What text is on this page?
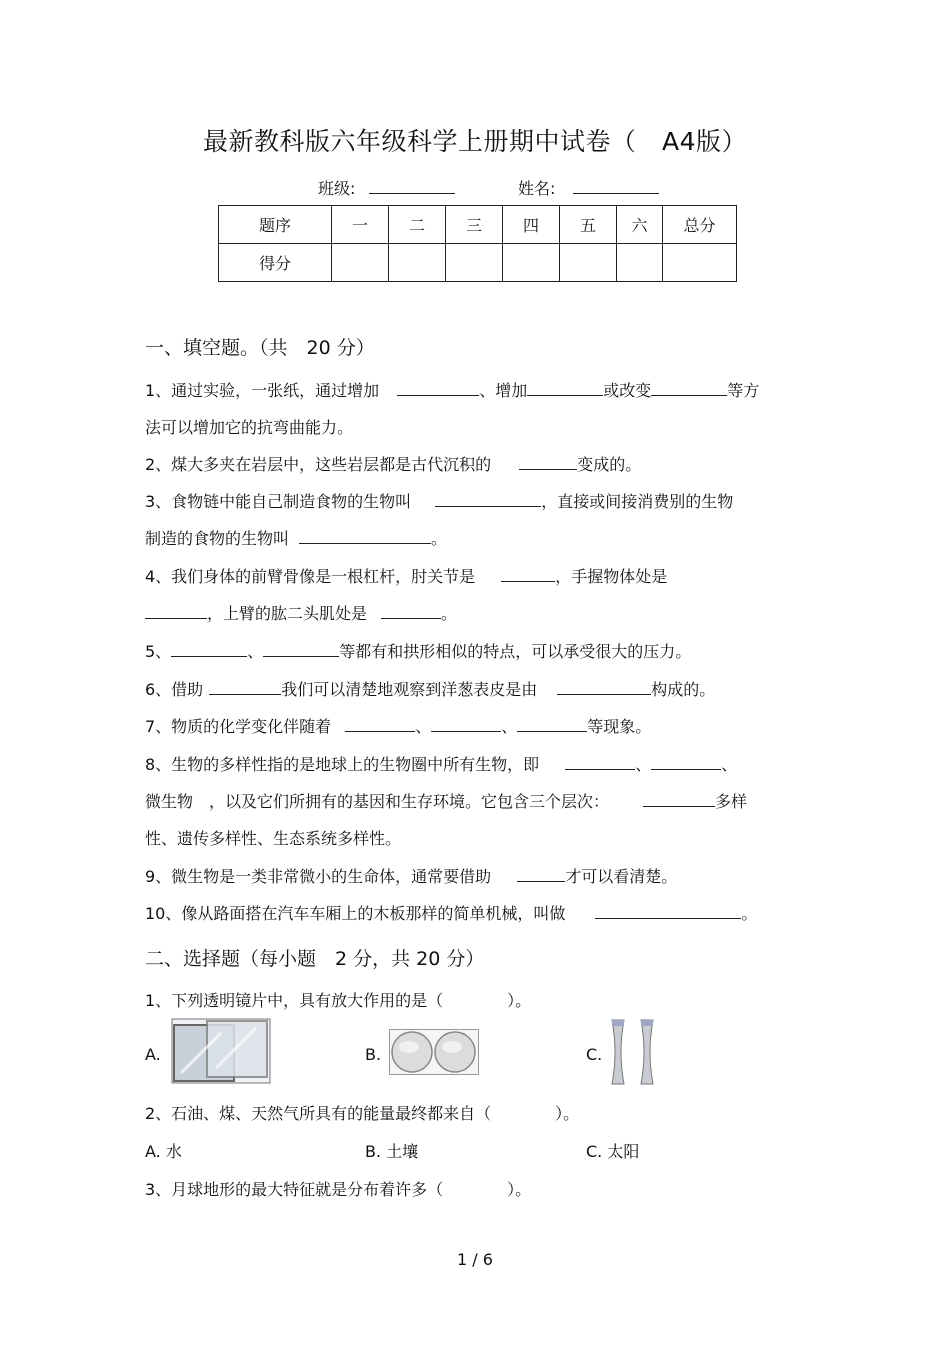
最新教科版六年级科学上册期中试卷（　A4版）
班级:	姓名:
题序	一	二	三	四	五	六	总分
得分							
一、填空题。（共　20 分）
1、通过实验，一张纸，通过增加	、增加	或改变	等方
法可以增加它的抗弯曲能力。
2、煤大多夹在岩层中，这些岩层都是古代沉积的	变成的。
3、食物链中能自己制造食物的生物叫	，直接或间接消费别的生物
制造的食物的生物叫	。
4、我们身体的前臂骨像是一根杠杆，肘关节是	，手握物体处是
，上臂的肱二头肌处是	。
5、	、	等都有和拱形相似的特点，可以承受很大的压力。
6、借助	我们可以清楚地观察到洋葱表皮是由	构成的。
7、物质的化学变化伴随着	、	、	等现象。
8、生物的多样性指的是地球上的生物圈中所有生物，即	、	、
微生物　，以及它们所拥有的基因和生存环境。它包含三个层次：	多样
性、遗传多样性、生态系统多样性。
9、微生物是一类非常微小的生命体，通常要借助	才可以看清楚。
10、像从路面搭在汽车车厢上的木板那样的简单机械，叫做	。
二、选择题（每小题　2 分，共 20 分）
1、下列透明镜片中，具有放大作用的是（　　　　）。
A.	B.	C.
2、石油、煤、天然气所具有的能量最终都来自（　　　　）。
A. 水	B. 土壤	C. 太阳
3、月球地形的最大特征就是分布着许多（　　　　）。
1 / 6
